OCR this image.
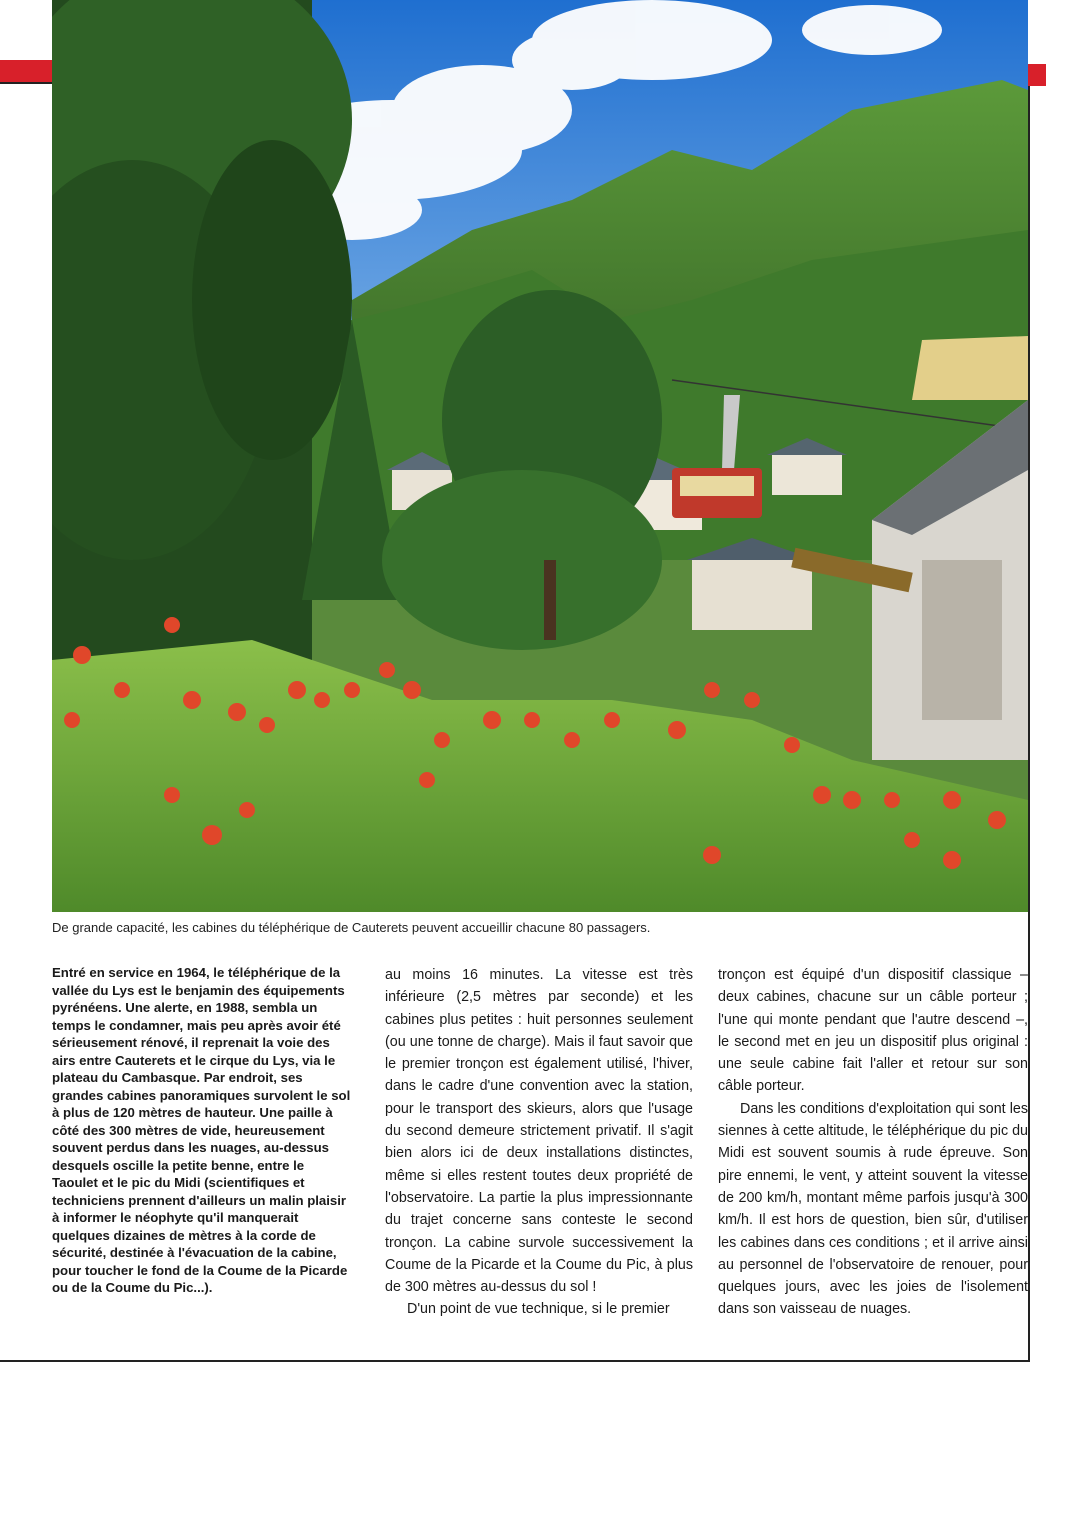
De grande capacité, les cabines du téléphérique de Cauterets peuvent accueillir chacune 80 passagers.

Entré en service en 1964, le téléphérique de la vallée du Lys est le benjamin des équipements pyrénéens. Une alerte, en 1988, sembla un temps le condamner, mais peu après avoir été sérieusement rénové, il reprenait la voie des airs entre Cauterets et le cirque du Lys, via le plateau du Cambasque. Par endroit, ses grandes cabines panoramiques survolent le sol à plus de 120 mètres de hauteur. Une paille à côté des 300 mètres de vide, heureusement souvent perdus dans les nuages, au-dessus desquels oscille la petite benne, entre le Taoulet et le pic du Midi (scientifiques et techniciens prennent d'ailleurs un malin plaisir à informer le néophyte qu'il manquerait quelques dizaines de mètres à la corde de sécurité, destinée à l'évacuation de la cabine, pour toucher le fond de la Coume de la Picarde ou de la Coume du Pic...).

au moins 16 minutes. La vitesse est très inférieure (2,5 mètres par seconde) et les cabines plus petites : huit personnes seulement (ou une tonne de charge). Mais il faut savoir que le premier tronçon est également utilisé, l'hiver, dans le cadre d'une convention avec la station, pour le transport des skieurs, alors que l'usage du second demeure strictement privatif. Il s'agit bien alors ici de deux installations distinctes, même si elles restent toutes deux propriété de l'observatoire. La partie la plus impressionnante du trajet concerne sans conteste le second tronçon. La cabine survole successivement la Coume de la Picarde et la Coume du Pic, à plus de 300 mètres au-dessus du sol !

D'un point de vue technique, si le premier

tronçon est équipé d'un dispositif classique – deux cabines, chacune sur un câble porteur ; l'une qui monte pendant que l'autre descend –, le second met en jeu un dispositif plus original : une seule cabine fait l'aller et retour sur son câble porteur.

Dans les conditions d'exploitation qui sont les siennes à cette altitude, le téléphérique du pic du Midi est souvent soumis à rude épreuve. Son pire ennemi, le vent, y atteint souvent la vitesse de 200 km/h, montant même parfois jusqu'à 300 km/h. Il est hors de question, bien sûr, d'utiliser les cabines dans ces conditions ; et il arrive ainsi au personnel de l'observatoire de renouer, pour quelques jours, avec les joies de l'isolement dans son vaisseau de nuages.
